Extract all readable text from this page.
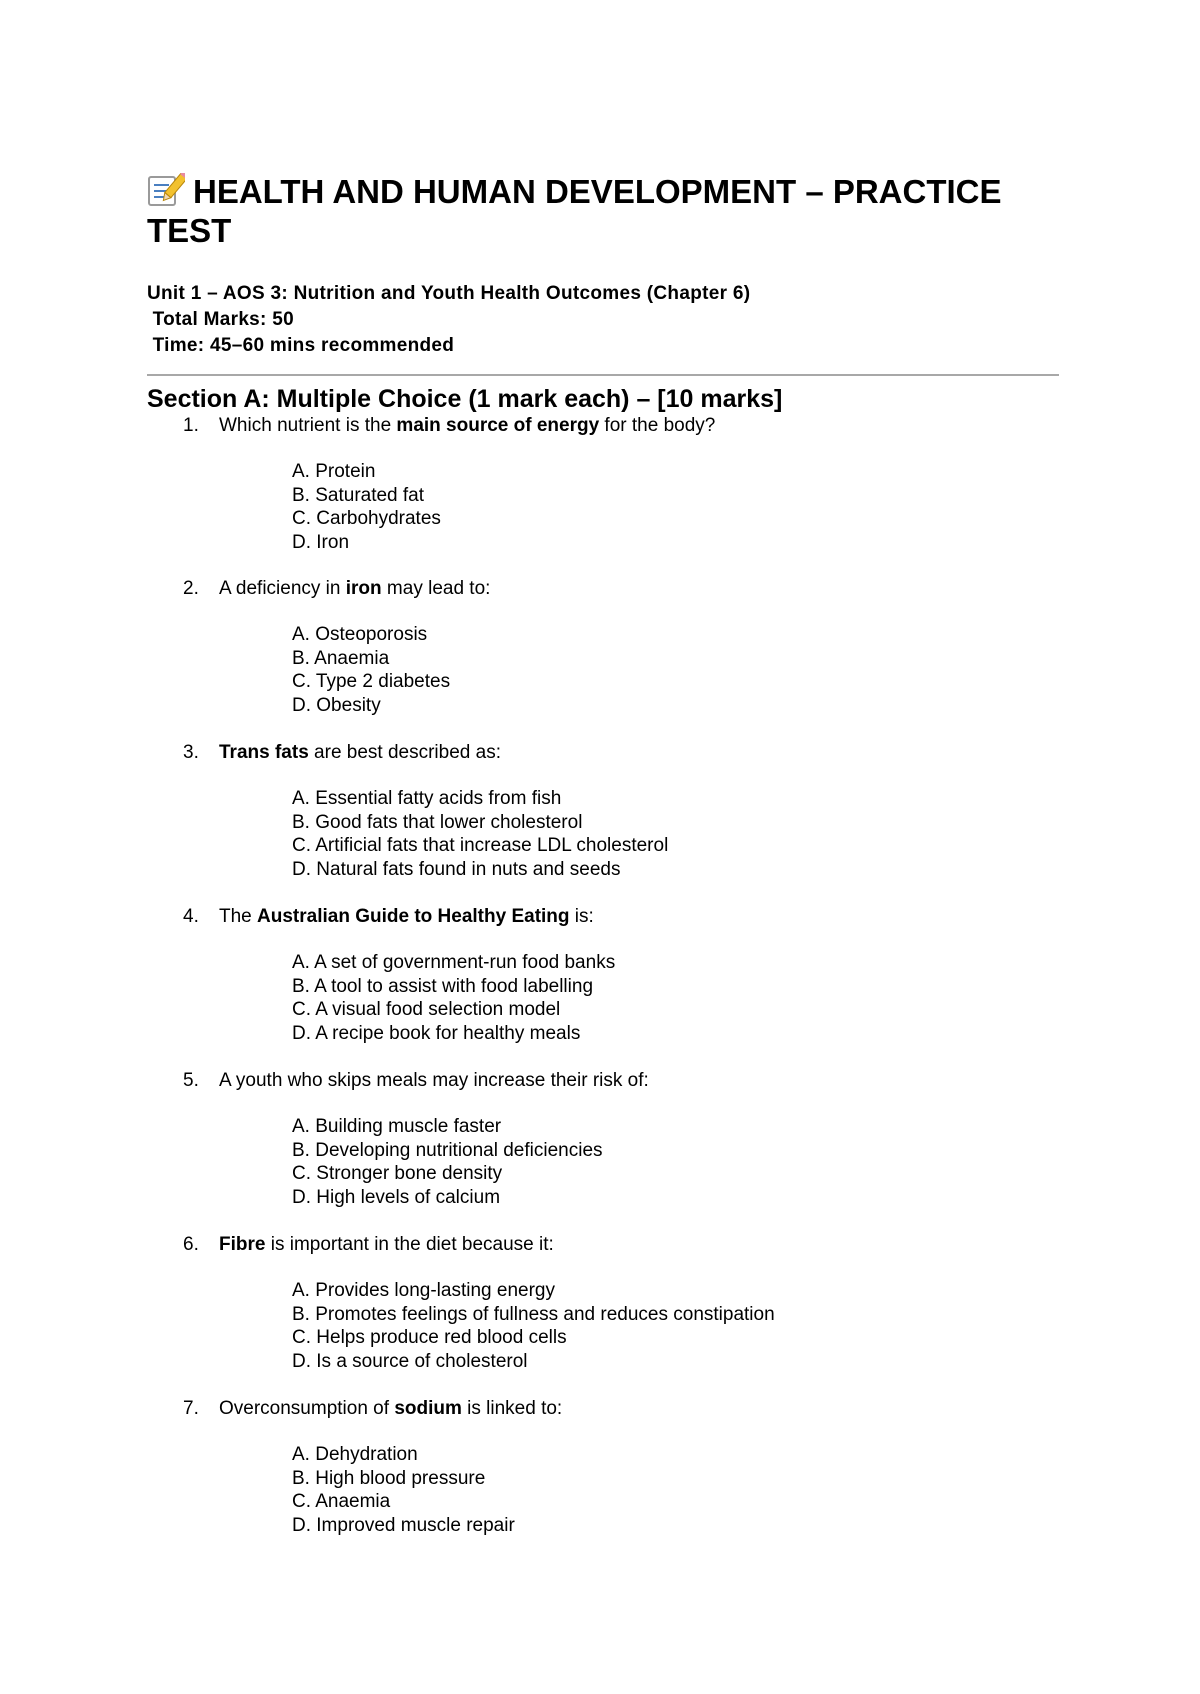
HEALTH AND HUMAN DEVELOPMENT – PRACTICE TEST
Unit 1 – AOS 3: Nutrition and Youth Health Outcomes (Chapter 6)
Total Marks: 50
Time: 45–60 mins recommended
Section A: Multiple Choice (1 mark each) – [10 marks]
1.	Which nutrient is the main source of energy for the body?
A. Protein
B. Saturated fat
C. Carbohydrates
D. Iron
2.	A deficiency in iron may lead to:
A. Osteoporosis
B. Anaemia
C. Type 2 diabetes
D. Obesity
3.	Trans fats are best described as:
A. Essential fatty acids from fish
B. Good fats that lower cholesterol
C. Artificial fats that increase LDL cholesterol
D. Natural fats found in nuts and seeds
4.	The Australian Guide to Healthy Eating is:
A. A set of government-run food banks
B. A tool to assist with food labelling
C. A visual food selection model
D. A recipe book for healthy meals
5.	A youth who skips meals may increase their risk of:
A. Building muscle faster
B. Developing nutritional deficiencies
C. Stronger bone density
D. High levels of calcium
6.	Fibre is important in the diet because it:
A. Provides long-lasting energy
B. Promotes feelings of fullness and reduces constipation
C. Helps produce red blood cells
D. Is a source of cholesterol
7.	Overconsumption of sodium is linked to:
A. Dehydration
B. High blood pressure
C. Anaemia
D. Improved muscle repair
